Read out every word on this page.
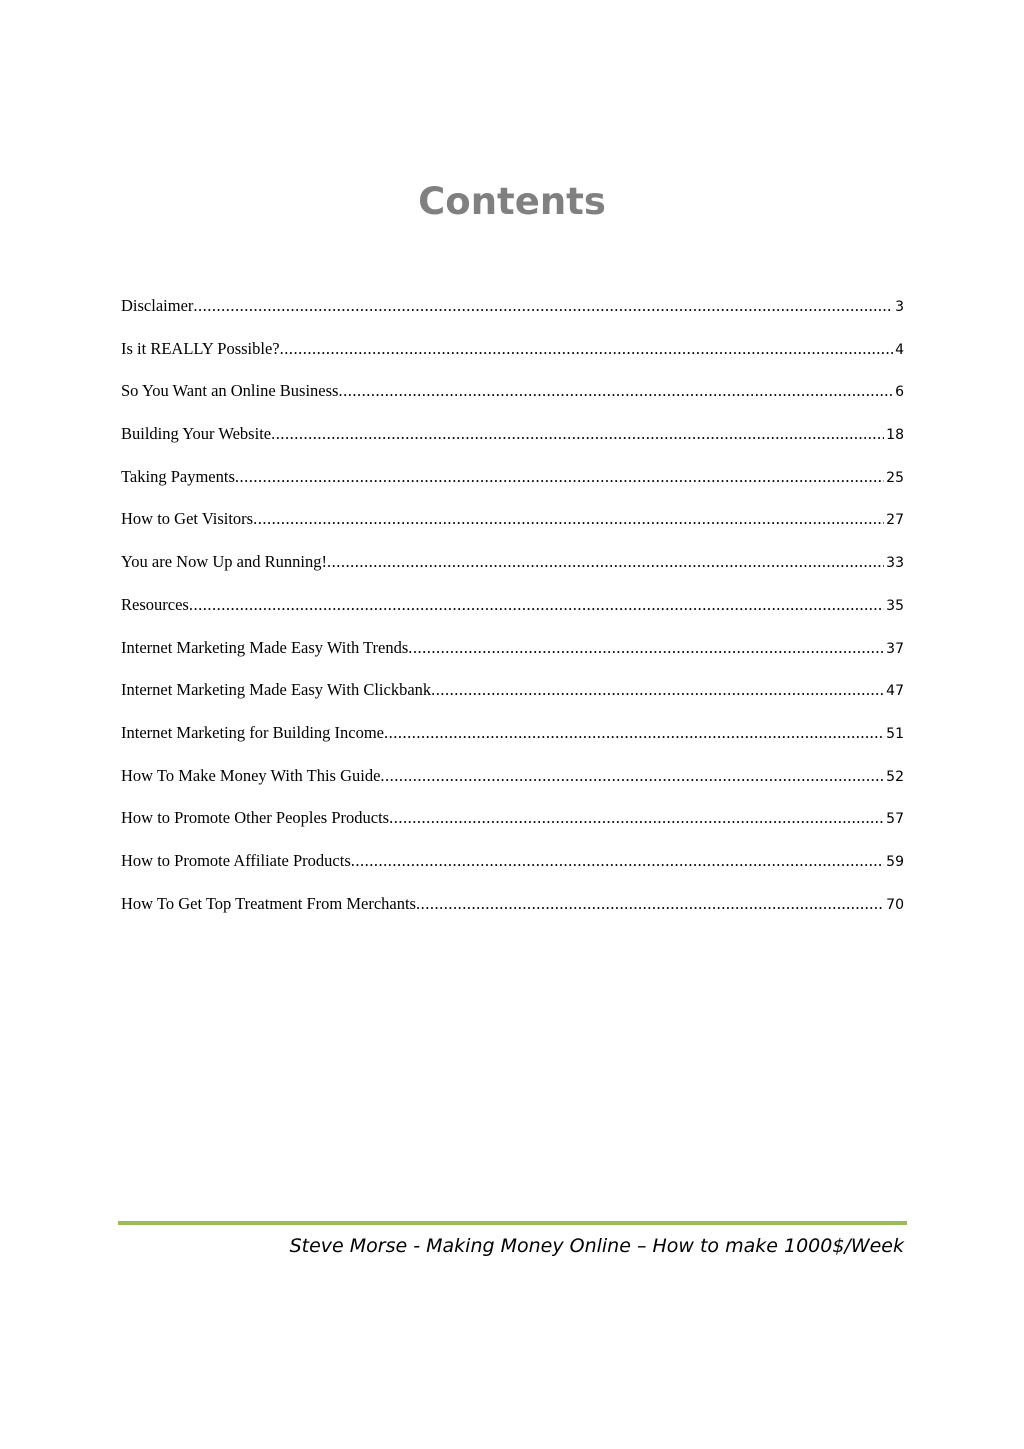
Contents
Disclaimer .....	3
Is it REALLY Possible? .....	4
So You Want an Online Business .....	6
Building Your Website .....	18
Taking Payments .....	25
How to Get Visitors .....	27
You are Now Up and Running! .....	33
Resources .....	35
Internet Marketing Made Easy With Trends .....	37
Internet Marketing Made Easy With Clickbank .....	47
Internet Marketing for Building Income .....	51
How To Make Money With This Guide .....	52
How to Promote Other Peoples Products .....	57
How to Promote Affiliate Products .....	59
How To Get Top Treatment From Merchants .....	70
Steve Morse - Making Money Online – How to make 1000$/Week
